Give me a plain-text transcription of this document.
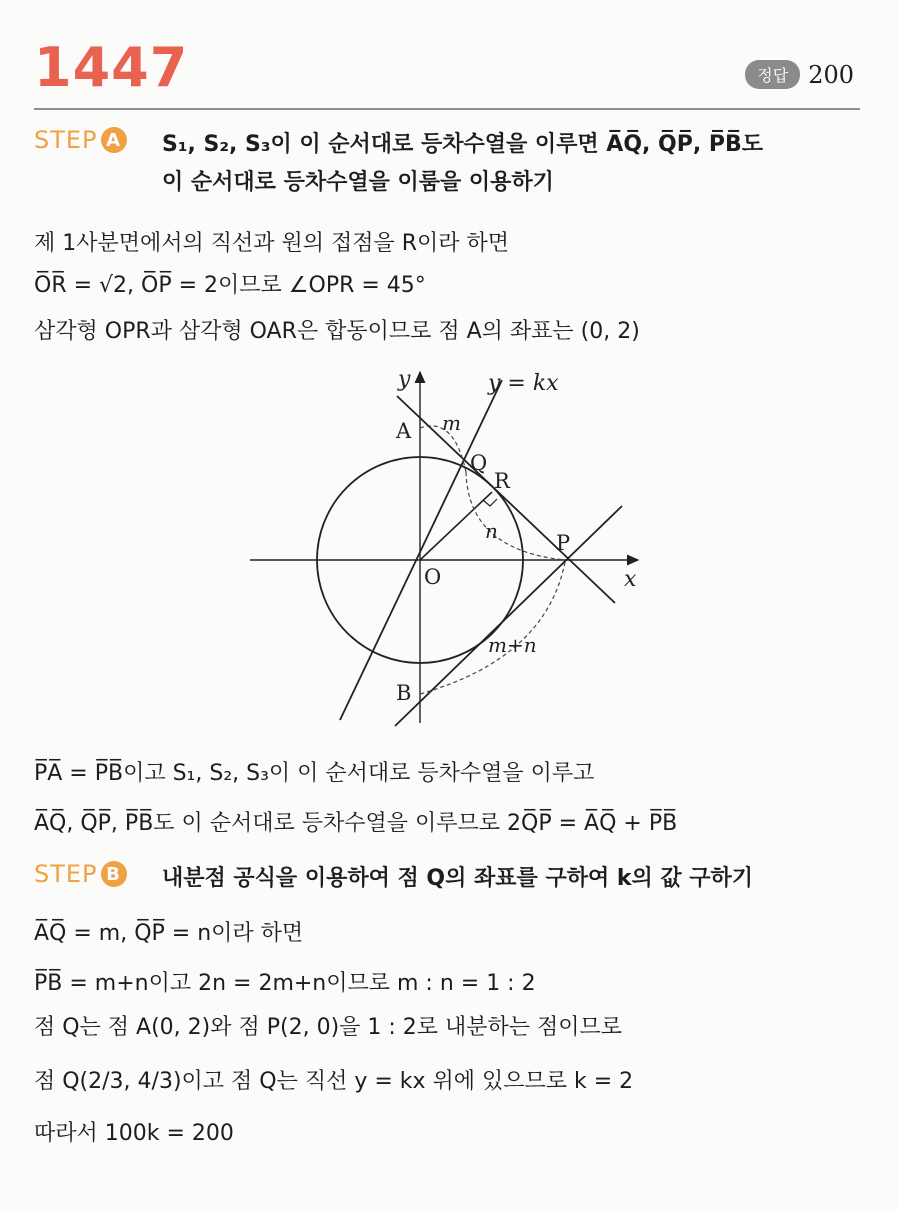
1447	정답 200
STEP A S₁, S₂, S₃이 이 순서대로 등차수열을 이루면 A̅Q̅, Q̅P̅, P̅B̅도
이 순서대로 등차수열을 이룸을 이용하기
제 1사분면에서의 직선과 원의 접점을 R이라 하면
O̅R̅ = √2, O̅P̅ = 2이므로 ∠OPR = 45°
삼각형 OPR과 삼각형 OAR은 합동이므로 점 A의 좌표는 (0, 2)
y
x
y = kx
m
n
m+n
A
B
O
P
Q
R
P̅A̅ = P̅B̅이고 S₁, S₂, S₃이 이 순서대로 등차수열을 이루고
A̅Q̅, Q̅P̅, P̅B̅도 이 순서대로 등차수열을 이루므로 2Q̅P̅ = A̅Q̅ + P̅B̅
STEP B 내분점 공식을 이용하여 점 Q의 좌표를 구하여 k의 값 구하기
A̅Q̅ = m, Q̅P̅ = n이라 하면
P̅B̅ = m+n이고 2n = 2m+n이므로 m : n = 1 : 2
점 Q는 점 A(0, 2)와 점 P(2, 0)을 1 : 2로 내분하는 점이므로
점 Q(2/3, 4/3)이고 점 Q는 직선 y = kx 위에 있으므로 k = 2
따라서 100k = 200
